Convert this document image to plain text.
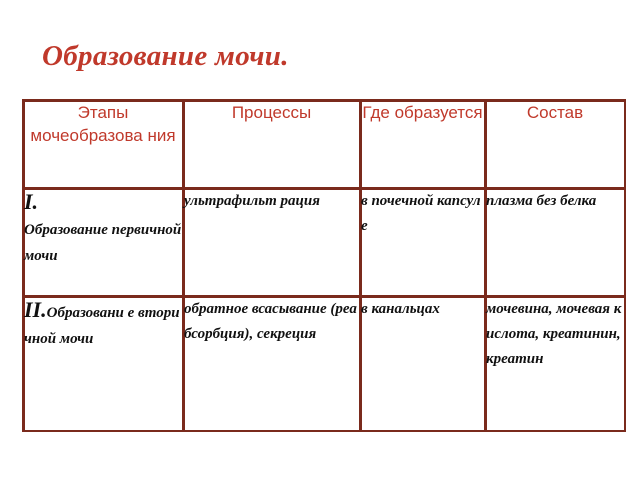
Образование мочи.
Этапы мочеобразова ния	Процессы	Где образуется	Состав
I.
Образование первичной мочи	ультрафильт рация	в почечной капсуле	плазма без белка
II.Образовани е вторичной мочи	обратное всасывание (реабсорбция), секреция	в канальцах	мочевина, мочевая кислота, креатинин, креатин
